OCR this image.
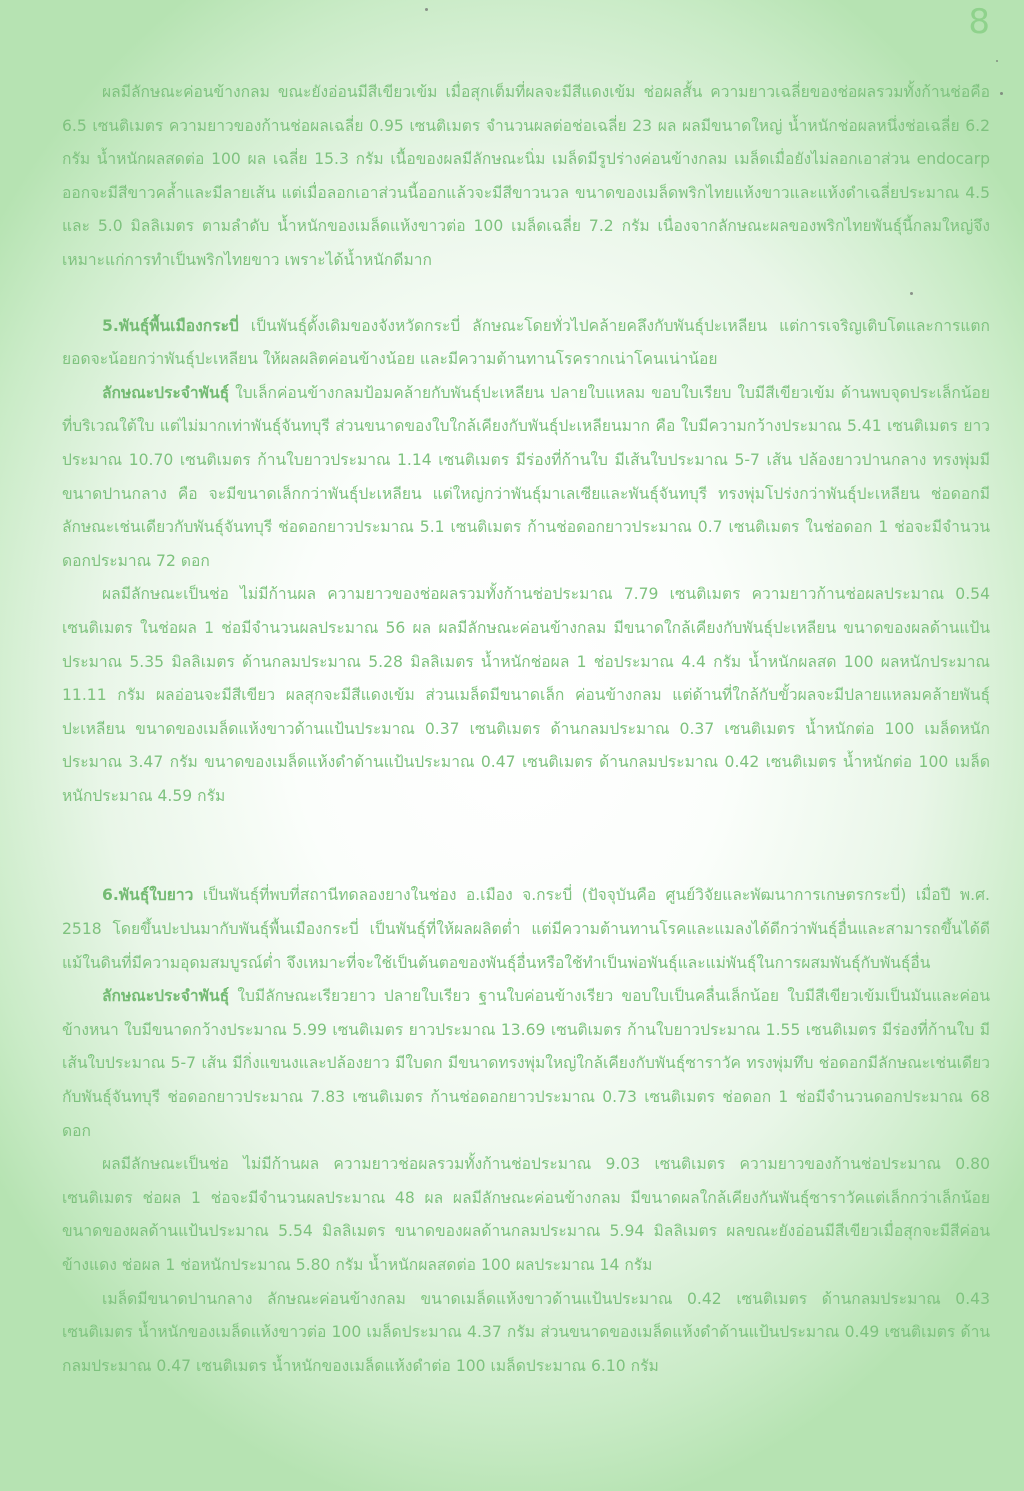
8

ผลมีลักษณะค่อนข้างกลม ขณะยังอ่อนมีสีเขียวเข้ม เมื่อสุกเต็มที่ผลจะมีสีแดงเข้ม ช่อผลสั้น ความยาวเฉลี่ยของช่อผลรวมทั้งก้านช่อคือ 6.5 เซนติเมตร ความยาวของก้านช่อผลเฉลี่ย 0.95 เซนติเมตร จำนวนผลต่อช่อเฉลี่ย 23 ผล ผลมีขนาดใหญ่ น้ำหนักช่อผลหนึ่งช่อเฉลี่ย 6.2 กรัม น้ำหนักผลสดต่อ 100 ผล เฉลี่ย 15.3 กรัม เนื้อของผลมีลักษณะนิ่ม เมล็ดมีรูปร่างค่อนข้างกลม เมล็ดเมื่อยังไม่ลอกเอาส่วน endocarp ออกจะมีสีขาวคล้ำและมีลายเส้น แต่เมื่อลอกเอาส่วนนี้ออกแล้วจะมีสีขาวนวล ขนาดของเมล็ดพริกไทยแห้งขาวและแห้งดำเฉลี่ยประมาณ 4.5 และ 5.0 มิลลิเมตร ตามลำดับ น้ำหนักของเมล็ดแห้งขาวต่อ 100 เมล็ดเฉลี่ย 7.2 กรัม เนื่องจากลักษณะผลของพริกไทยพันธุ์นี้กลมใหญ่จึงเหมาะแก่การทำเป็นพริกไทยขาว เพราะได้น้ำหนักดีมาก

5.พันธุ์พื้นเมืองกระบี่ เป็นพันธุ์ดั้งเดิมของจังหวัดกระบี่ ลักษณะโดยทั่วไปคล้ายคลึงกับพันธุ์ปะเหลียน แต่การเจริญเติบโตและการแตกยอดจะน้อยกว่าพันธุ์ปะเหลียน ให้ผลผลิตค่อนข้างน้อย และมีความต้านทานโรครากเน่าโคนเน่าน้อย

ลักษณะประจำพันธุ์ ใบเล็กค่อนข้างกลมป้อมคล้ายกับพันธุ์ปะเหลียน ปลายใบแหลม ขอบใบเรียบ ใบมีสีเขียวเข้ม ด้านพบจุดประเล็กน้อยที่บริเวณใต้ใบ แต่ไม่มากเท่าพันธุ์จันทบุรี ส่วนขนาดของใบใกล้เคียงกับพันธุ์ปะเหลียนมาก คือ ใบมีความกว้างประมาณ 5.41 เซนติเมตร ยาวประมาณ 10.70 เซนติเมตร ก้านใบยาวประมาณ 1.14 เซนติเมตร มีร่องที่ก้านใบ มีเส้นใบประมาณ 5-7 เส้น ปล้องยาวปานกลาง ทรงพุ่มมีขนาดปานกลาง คือ จะมีขนาดเล็กกว่าพันธุ์ปะเหลียน แต่ใหญ่กว่าพันธุ์มาเลเซียและพันธุ์จันทบุรี ทรงพุ่มโปร่งกว่าพันธุ์ปะเหลียน ช่อดอกมีลักษณะเช่นเดียวกับพันธุ์จันทบุรี ช่อดอกยาวประมาณ 5.1 เซนติเมตร ก้านช่อดอกยาวประมาณ 0.7 เซนติเมตร ในช่อดอก 1 ช่อจะมีจำนวนดอกประมาณ 72 ดอก

ผลมีลักษณะเป็นช่อ ไม่มีก้านผล ความยาวของช่อผลรวมทั้งก้านช่อประมาณ 7.79 เซนติเมตร ความยาวก้านช่อผลประมาณ 0.54 เซนติเมตร ในช่อผล 1 ช่อมีจำนวนผลประมาณ 56 ผล ผลมีลักษณะค่อนข้างกลม มีขนาดใกล้เคียงกับพันธุ์ปะเหลียน ขนาดของผลด้านแป้นประมาณ 5.35 มิลลิเมตร ด้านกลมประมาณ 5.28 มิลลิเมตร น้ำหนักช่อผล 1 ช่อประมาณ 4.4 กรัม น้ำหนักผลสด 100 ผลหนักประมาณ 11.11 กรัม ผลอ่อนจะมีสีเขียว ผลสุกจะมีสีแดงเข้ม ส่วนเมล็ดมีขนาดเล็ก ค่อนข้างกลม แต่ด้านที่ใกล้กับขั้วผลจะมีปลายแหลมคล้ายพันธุ์ปะเหลียน ขนาดของเมล็ดแห้งขาวด้านแป้นประมาณ 0.37 เซนติเมตร ด้านกลมประมาณ 0.37 เซนติเมตร น้ำหนักต่อ 100 เมล็ดหนักประมาณ 3.47 กรัม ขนาดของเมล็ดแห้งดำด้านแป้นประมาณ 0.47 เซนติเมตร ด้านกลมประมาณ 0.42 เซนติเมตร น้ำหนักต่อ 100 เมล็ดหนักประมาณ 4.59 กรัม

6.พันธุ์ใบยาว เป็นพันธุ์ที่พบที่สถานีทดลองยางในช่อง อ.เมือง จ.กระบี่ (ปัจจุบันคือ ศูนย์วิจัยและพัฒนาการเกษตรกระบี่) เมื่อปี พ.ศ. 2518 โดยขึ้นปะปนมากับพันธุ์พื้นเมืองกระบี่ เป็นพันธุ์ที่ให้ผลผลิตต่ำ แต่มีความต้านทานโรคและแมลงได้ดีกว่าพันธุ์อื่นและสามารถขึ้นได้ดีแม้ในดินที่มีความอุดมสมบูรณ์ต่ำ จึงเหมาะที่จะใช้เป็นต้นตอของพันธุ์อื่นหรือใช้ทำเป็นพ่อพันธุ์และแม่พันธุ์ในการผสมพันธุ์กับพันธุ์อื่น

ลักษณะประจำพันธุ์ ใบมีลักษณะเรียวยาว ปลายใบเรียว ฐานใบค่อนข้างเรียว ขอบใบเป็นคลื่นเล็กน้อย ใบมีสีเขียวเข้มเป็นมันและค่อนข้างหนา ใบมีขนาดกว้างประมาณ 5.99 เซนติเมตร ยาวประมาณ 13.69 เซนติเมตร ก้านใบยาวประมาณ 1.55 เซนติเมตร มีร่องที่ก้านใบ มีเส้นใบประมาณ 5-7 เส้น มีกิ่งแขนงและปล้องยาว มีใบดก มีขนาดทรงพุ่มใหญ่ใกล้เคียงกับพันธุ์ซาราวัค ทรงพุ่มทึบ ช่อดอกมีลักษณะเช่นเดียวกับพันธุ์จันทบุรี ช่อดอกยาวประมาณ 7.83 เซนติเมตร ก้านช่อดอกยาวประมาณ 0.73 เซนติเมตร ช่อดอก 1 ช่อมีจำนวนดอกประมาณ 68 ดอก

ผลมีลักษณะเป็นช่อ ไม่มีก้านผล ความยาวช่อผลรวมทั้งก้านช่อประมาณ 9.03 เซนติเมตร ความยาวของก้านช่อประมาณ 0.80 เซนติเมตร ช่อผล 1 ช่อจะมีจำนวนผลประมาณ 48 ผล ผลมีลักษณะค่อนข้างกลม มีขนาดผลใกล้เคียงกันพันธุ์ซาราวัคแต่เล็กกว่าเล็กน้อย ขนาดของผลด้านแป้นประมาณ 5.54 มิลลิเมตร ขนาดของผลด้านกลมประมาณ 5.94 มิลลิเมตร ผลขณะยังอ่อนมีสีเขียวเมื่อสุกจะมีสีค่อนข้างแดง ช่อผล 1 ช่อหนักประมาณ 5.80 กรัม น้ำหนักผลสดต่อ 100 ผลประมาณ 14 กรัม

เมล็ดมีขนาดปานกลาง ลักษณะค่อนข้างกลม ขนาดเมล็ดแห้งขาวด้านแป้นประมาณ 0.42 เซนติเมตร ด้านกลมประมาณ 0.43 เซนติเมตร น้ำหนักของเมล็ดแห้งขาวต่อ 100 เมล็ดประมาณ 4.37 กรัม ส่วนขนาดของเมล็ดแห้งดำด้านแป้นประมาณ 0.49 เซนติเมตร ด้านกลมประมาณ 0.47 เซนติเมตร น้ำหนักของเมล็ดแห้งดำต่อ 100 เมล็ดประมาณ 6.10 กรัม
